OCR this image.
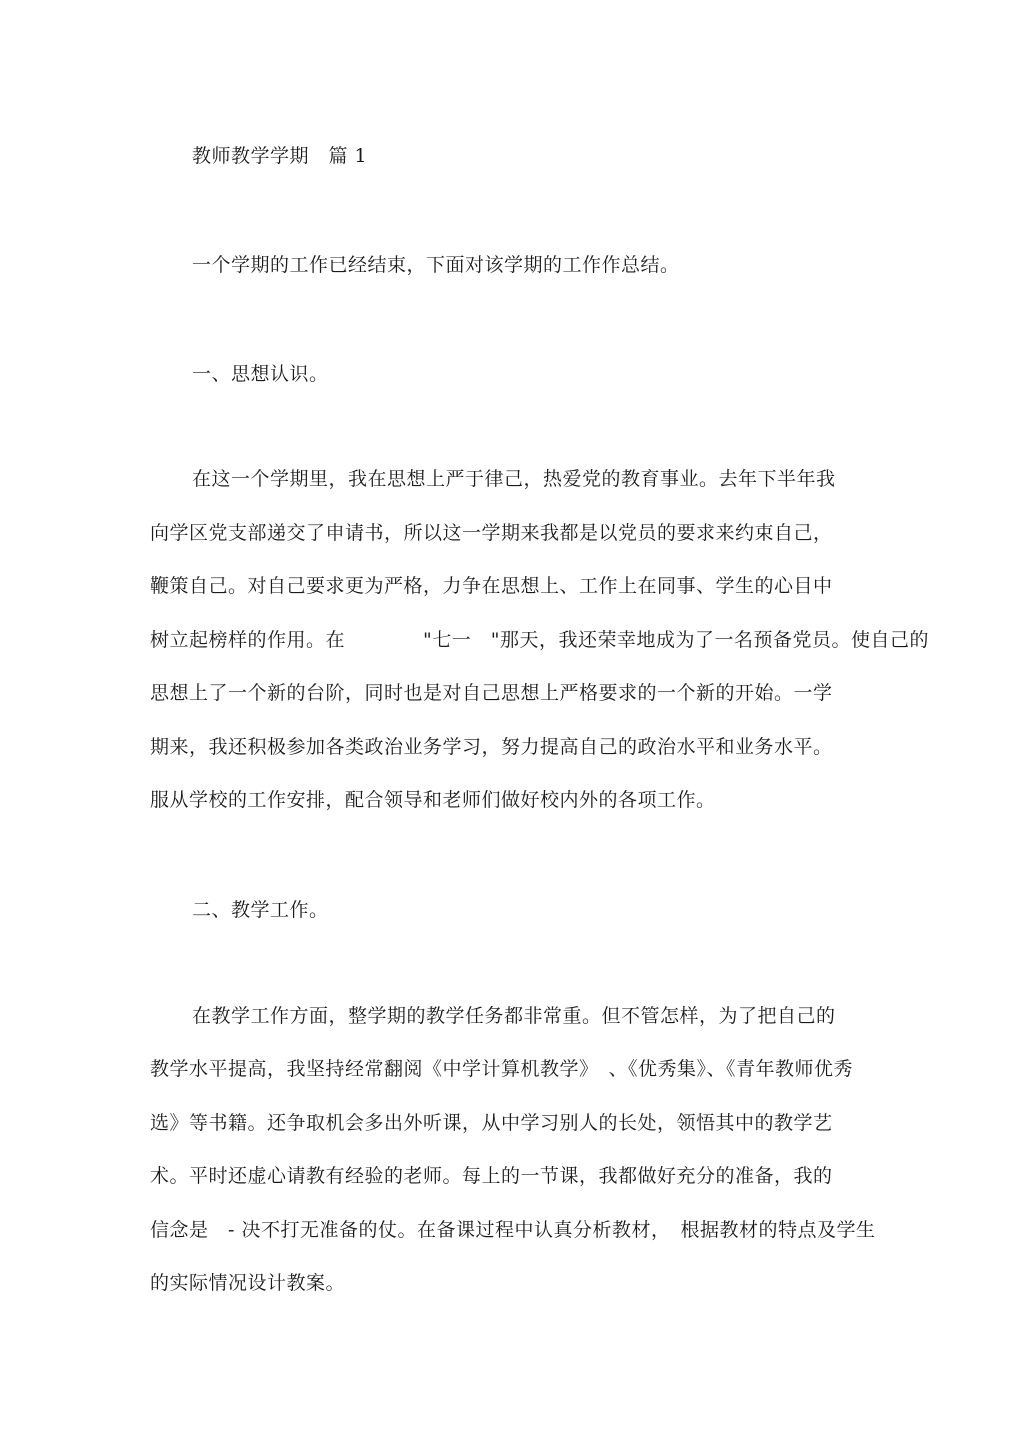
教师教学学期　篇 1
一个学期的工作已经结束，下面对该学期的工作作总结。
一、思想认识。
在这一个学期里，我在思想上严于律己，热爱党的教育事业。去年下半年我
向学区党支部递交了申请书，所以这一学期来我都是以党员的要求来约束自己，
鞭策自己。对自己要求更为严格，力争在思想上、工作上在同事、学生的心目中
树立起榜样的作用。在　　　　"七一　"那天，我还荣幸地成为了一名预备党员。使自己的
思想上了一个新的台阶，同时也是对自己思想上严格要求的一个新的开始。一学
期来，我还积极参加各类政治业务学习，努力提高自己的政治水平和业务水平。
服从学校的工作安排，配合领导和老师们做好校内外的各项工作。
二、教学工作。
在教学工作方面，整学期的教学任务都非常重。但不管怎样，为了把自己的
教学水平提高，我坚持经常翻阅《中学计算机教学》　、《优秀集》、《青年教师优秀
选》等书籍。还争取机会多出外听课，从中学习别人的长处，领悟其中的教学艺
术。平时还虚心请教有经验的老师。每上的一节课，我都做好充分的准备，我的
信念是　- 决不打无准备的仗。在备课过程中认真分析教材，　根据教材的特点及学生
的实际情况设计教案。
